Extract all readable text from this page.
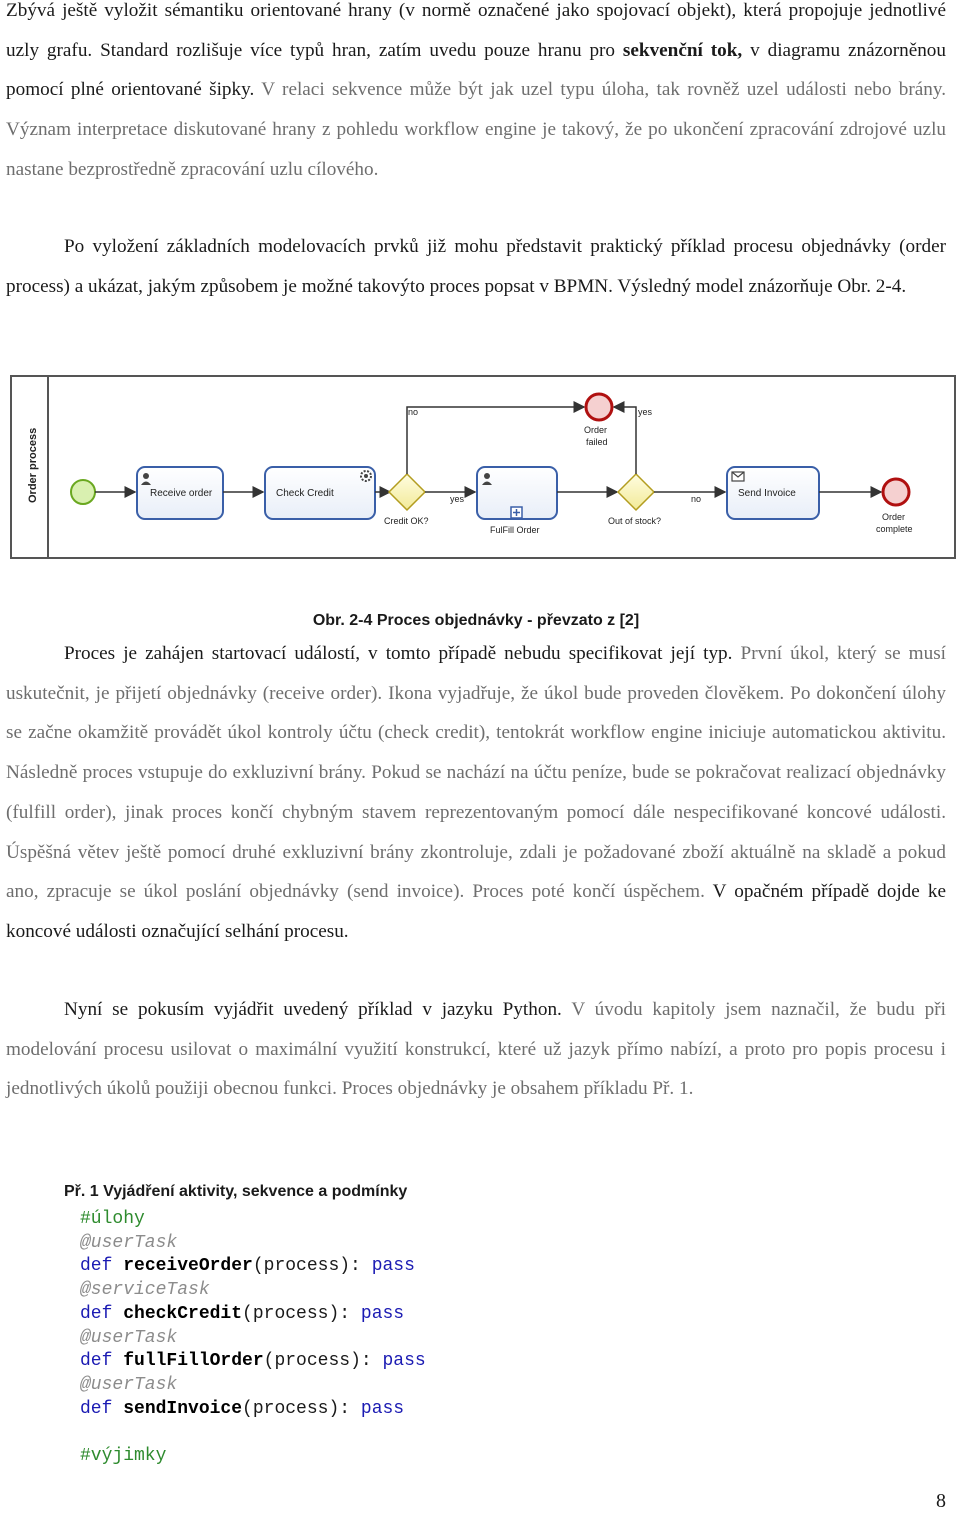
Zbývá ještě vyložit sémantiku orientované hrany (v normě označené jako spojovací objekt), která propojuje jednotlivé uzly grafu. Standard rozlišuje více typů hran, zatím uvedu pouze hranu pro sekvenční tok, v diagramu znázorněnou pomocí plné orientované šipky. V relaci sekvence může být jak uzel typu úloha, tak rovněž uzel události nebo brány. Význam interpretace diskutované hrany z pohledu workflow engine je takový, že po ukončení zpracování zdrojové uzlu nastane bezprostředně zpracování uzlu cílového.

Po vyložení základních modelovacích prvků již mohu představit praktický příklad procesu objednávky (order process) a ukázat, jakým způsobem je možné takovýto proces popsat v BPMN. Výsledný model znázorňuje Obr. 2-4.

Obr. 2-4 Proces objednávky - převzato z [2]

Proces je zahájen startovací událostí, v tomto případě nebudu specifikovat její typ. První úkol, který se musí uskutečnit, je přijetí objednávky (receive order). Ikona vyjadřuje, že úkol bude proveden člověkem. Po dokončení úlohy se začne okamžitě provádět úkol kontroly účtu (check credit), tentokrát workflow engine iniciuje automatickou aktivitu. Následně proces vstupuje do exkluzivní brány. Pokud se nachází na účtu peníze, bude se pokračovat realizací objednávky (fulfill order), jinak proces končí chybným stavem reprezentovaným pomocí dále nespecifikované koncové události. Úspěšná větev ještě pomocí druhé exkluzivní brány zkontroluje, zdali je požadované zboží aktuálně na skladě a pokud ano, zpracuje se úkol poslání objednávky (send invoice). Proces poté končí úspěchem. V opačném případě dojde ke koncové události označující selhání procesu.

Nyní se pokusím vyjádřit uvedený příklad v jazyku Python. V úvodu kapitoly jsem naznačil, že budu při modelování procesu usilovat o maximální využití konstrukcí, které už jazyk přímo nabízí, a proto pro popis procesu i jednotlivých úkolů použiji obecnou funkci. Proces objednávky je obsahem příkladu Př. 1.

Př. 1 Vyjádření aktivity, sekvence a podmínky

#úlohy
@userTask
def receiveOrder(process): pass
@serviceTask
def checkCredit(process): pass
@userTask
def fullFillOrder(process): pass
@userTask
def sendInvoice(process): pass

#výjimky
8
Order process	Receive order	Check Credit
Credit OK?
no
yes
FulFill Order
Out of stock?
yes
no
Order
failed
Send Invoice
Order
complete
